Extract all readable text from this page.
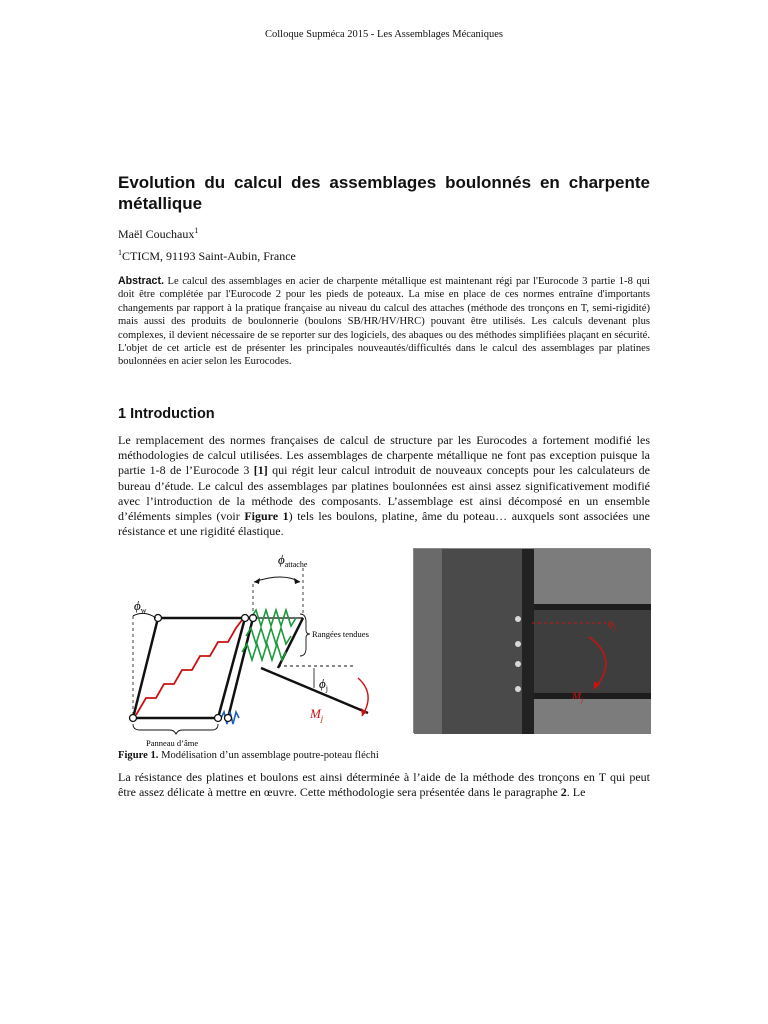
Colloque Supméca 2015 - Les Assemblages Mécaniques
Evolution du calcul des assemblages boulonnés en charpente métallique
Maël Couchaux$^1$
$^1$CTICM, 91193 Saint-Aubin, France

Abstract. Le calcul des assemblages en acier de charpente métallique est maintenant régi par l'Eurocode 3 partie 1-8 qui doit être complétée par l'Eurocode 2 pour les pieds de poteaux. La mise en place de ces normes entraîne d'importants changements par rapport à la pratique française au niveau du calcul des attaches (méthode des tronçons en T, semi-rigidité) mais aussi des produits de boulonnerie (boulons SB/HR/HV/HRC) pouvant être utilisés. Les calculs devenant plus complexes, il devient nécessaire de se reporter sur des logiciels, des abaques ou des méthodes simplifiées plaçant en sécurité. L'objet de cet article est de présenter les principales nouveautés/difficultés dans le calcul des assemblages par platines boulonnées en acier selon les Eurocodes.

1 Introduction

Le remplacement des normes françaises de calcul de structure par les Eurocodes a fortement modifié les méthodologies de calcul utilisées. Les assemblages de charpente métallique ne font pas exception puisque la partie 1-8 de l’Eurocode 3 [1] qui régit leur calcul introduit de nouveaux concepts pour les calculateurs de bureau d’étude. Le calcul des assemblages par platines boulonnées est ainsi assez significativement modifié avec l’introduction de la méthode des composants. L’assemblage est ainsi décomposé en un ensemble d’éléments simples (voir Figure 1) tels les boulons, platine, âme du poteau… auxquels sont associées une résistance et une rigidité élastique.

$\phi_{attache}$
$\phi_w$
Rangées tendues
$\phi_j$
$M_j$
Panneau d’âme
$\phi_j$
$M_j$
Figure 1. Modélisation d’un assemblage poutre-poteau fléchi

La résistance des platines et boulons est ainsi déterminée à l’aide de la méthode des tronçons en T qui peut être assez délicate à mettre en œuvre. Cette méthodologie sera présentée dans le paragraphe 2. Le
